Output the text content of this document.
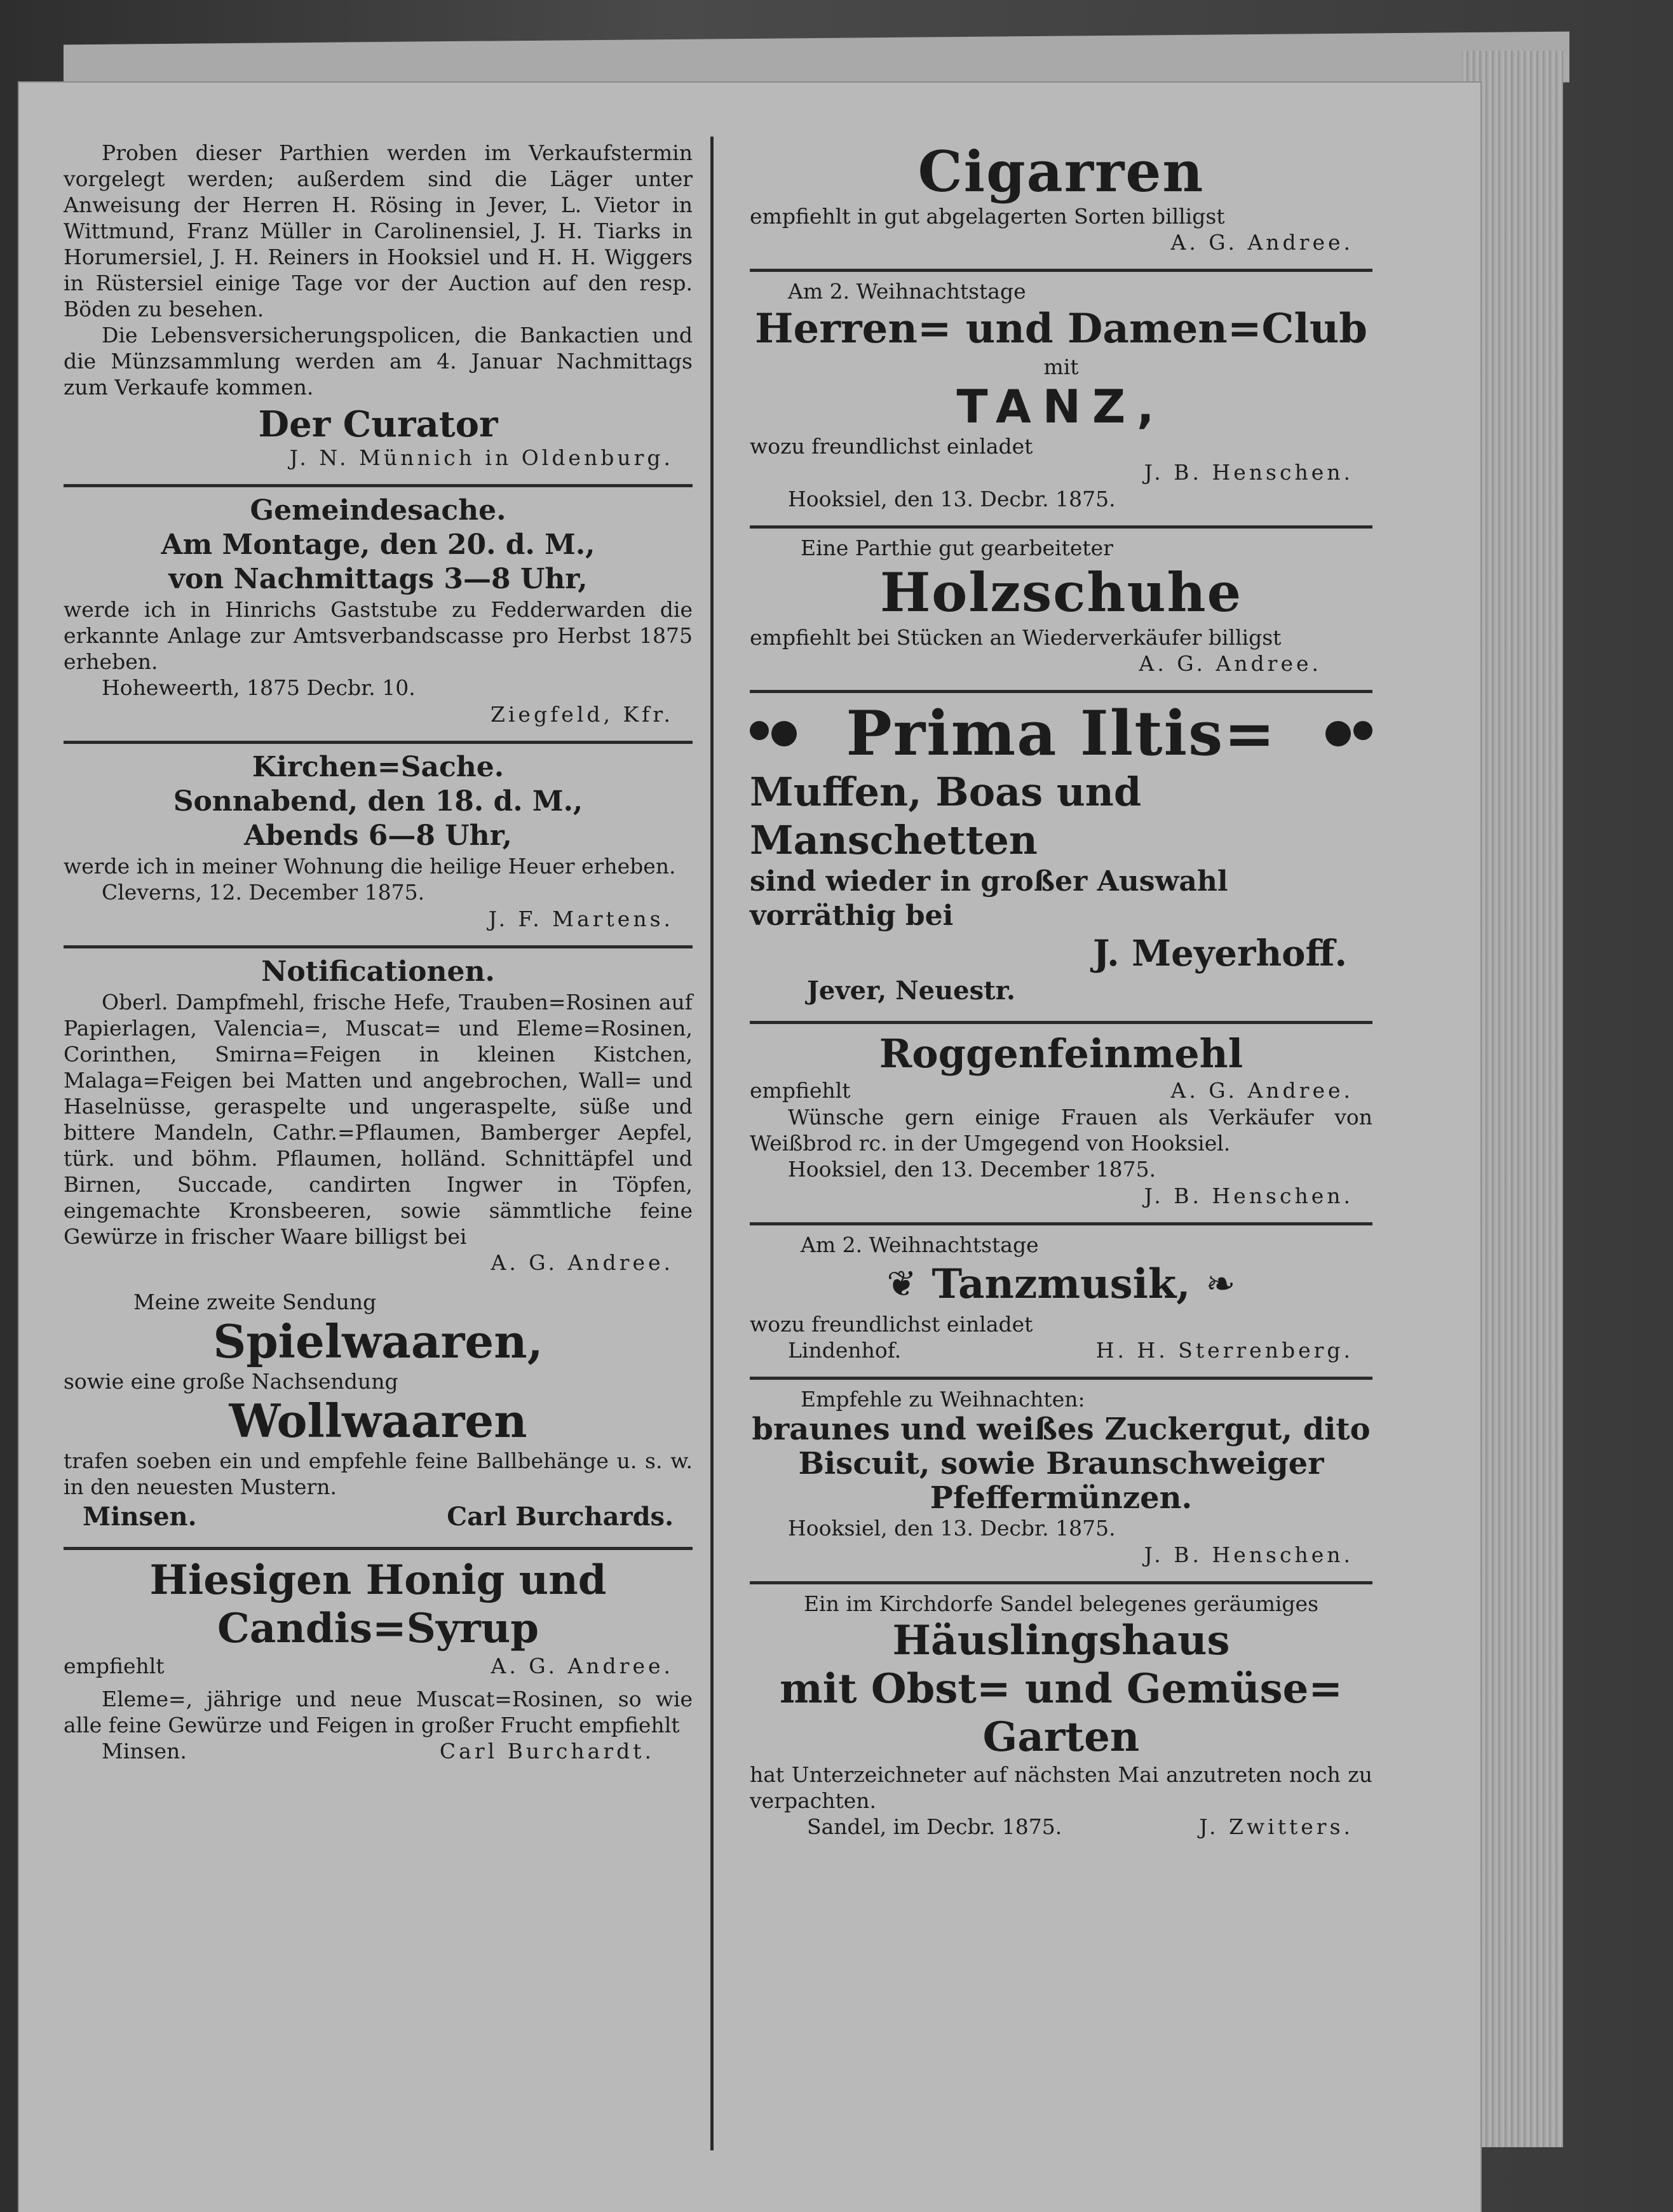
Proben dieser Parthien werden im Verkaufstermin vorgelegt werden; außerdem sind die Läger unter Anweisung der Herren H. Rösing in Jever, L. Vietor in Wittmund, Franz Müller in Carolinensiel, J. H. Tiarks in Horumersiel, J. H. Reiners in Hooksiel und H. H. Wiggers in Rüstersiel einige Tage vor der Auction auf den resp. Böden zu besehen.

Die Lebensversicherungspolicen, die Bankactien und die Münzsammlung werden am 4. Januar Nachmittags zum Verkaufe kommen.

Der Curator

J. N. Münnich in Oldenburg.

Gemeindesache.

Am Montage, den 20. d. M.,

von Nachmittags 3—8 Uhr,

werde ich in Hinrichs Gaststube zu Fedderwarden die erkannte Anlage zur Amtsverbandscasse pro Herbst 1875 erheben.

Hoheweerth, 1875 Decbr. 10.

Ziegfeld, Kfr.

Kirchen=Sache.

Sonnabend, den 18. d. M.,

Abends 6—8 Uhr,

werde ich in meiner Wohnung die heilige Heuer erheben.

Cleverns, 12. December 1875.

J. F. Martens.

Notificationen.

Oberl. Dampfmehl, frische Hefe, Trauben=Rosinen auf Papierlagen, Valencia=, Muscat= und Eleme=Rosinen, Corinthen, Smirna=Feigen in kleinen Kistchen, Malaga=Feigen bei Matten und angebrochen, Wall= und Haselnüsse, geraspelte und ungeraspelte, süße und bittere Mandeln, Cathr.=Pflaumen, Bamberger Aepfel, türk. und böhm. Pflaumen, holländ. Schnittäpfel und Birnen, Succade, candirten Ingwer in Töpfen, eingemachte Kronsbeeren, sowie sämmtliche feine Gewürze in frischer Waare billigst bei

A. G. Andree.

Meine zweite Sendung

Spielwaaren,

sowie eine große Nachsendung

Wollwaaren

trafen soeben ein und empfehle feine Ballbehänge u. s. w. in den neuesten Mustern.

Minsen.	Carl Burchards.

Hiesigen Honig und Candis=Syrup

empfiehlt	A. G. Andree.

Eleme=, jährige und neue Muscat=Rosinen, so wie alle feine Gewürze und Feigen in großer Frucht empfiehlt

Minsen.	Carl Burchardt.

Cigarren

empfiehlt in gut abgelagerten Sorten billigst

A. G. Andree.

Am 2. Weihnachtstage

Herren= und Damen=Club

mit

TANZ,

wozu freundlichst einladet

J. B. Henschen.

Hooksiel, den 13. Decbr. 1875.

Eine Parthie gut gearbeiteter

Holzschuhe

empfiehlt bei Stücken an Wiederverkäufer billigst

A. G. Andree.

Prima Iltis=

Muffen, Boas und Manschetten

sind wieder in großer Auswahl vorräthig bei

J. Meyerhoff.

Jever, Neuestr.

Roggenfeinmehl

empfiehlt	A. G. Andree.

Wünsche gern einige Frauen als Verkäufer von Weißbrod rc. in der Umgegend von Hooksiel.

Hooksiel, den 13. December 1875.

J. B. Henschen.

Am 2. Weihnachtstage

❦ Tanzmusik, ❧

wozu freundlichst einladet

Lindenhof.	H. H. Sterrenberg.

Empfehle zu Weihnachten:

braunes und weißes Zuckergut, dito

Biscuit, sowie Braunschweiger

Pfeffermünzen.

Hooksiel, den 13. Decbr. 1875.

J. B. Henschen.

Ein im Kirchdorfe Sandel belegenes geräumiges

Häuslingshaus

mit Obst= und Gemüse=

Garten

hat Unterzeichneter auf nächsten Mai anzutreten noch zu verpachten.

Sandel, im Decbr. 1875.	J. Zwitters.
